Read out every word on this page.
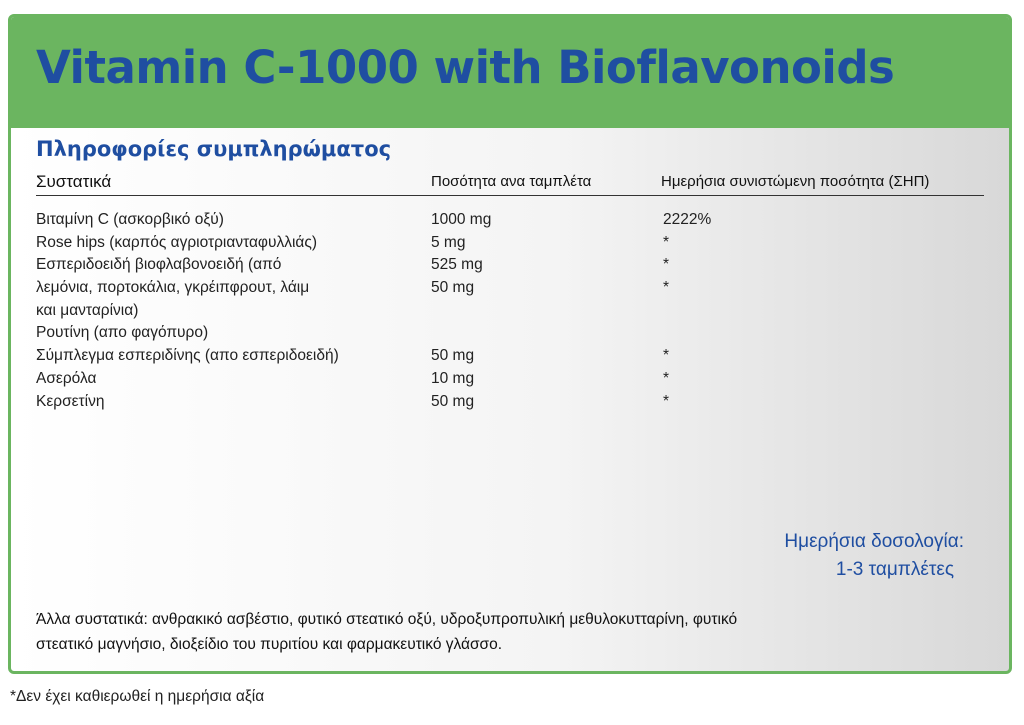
Vitamin C-1000 with Bioflavonoids
Πληροφορίες συμπληρώματος
Συστατικά	Ποσότητα ανα ταμπλέτα	Ημερήσια συνιστώμενη ποσότητα (ΣΗΠ)
Βιταμίνη C (ασκορβικό οξύ)	1000 mg	2222%
Rose hips (καρπός αγριοτριανταφυλλιάς)	5 mg	*
Εσπεριδοειδή βιοφλαβονοειδή (από	525 mg	*
λεμόνια, πορτοκάλια, γκρέιπφρουτ, λάιμ	50 mg	*
και μανταρίνια)
Ρουτίνη (απο φαγόπυρο)
Σύμπλεγμα εσπεριδίνης (απο εσπεριδοειδή)	50 mg	*
Ασερόλα	10 mg	*
Κερσετίνη	50 mg	*
Ημερήσια δοσολογία:
1-3 ταμπλέτες
Άλλα συστατικά: ανθρακικό ασβέστιο, φυτικό στεατικό οξύ, υδροξυπροπυλική μεθυλοκυτταρίνη, φυτικό
στεατικό μαγνήσιο, διοξείδιο του πυριτίου και φαρμακευτικό γλάσσο.
*Δεν έχει καθιερωθεί η ημερήσια αξία
